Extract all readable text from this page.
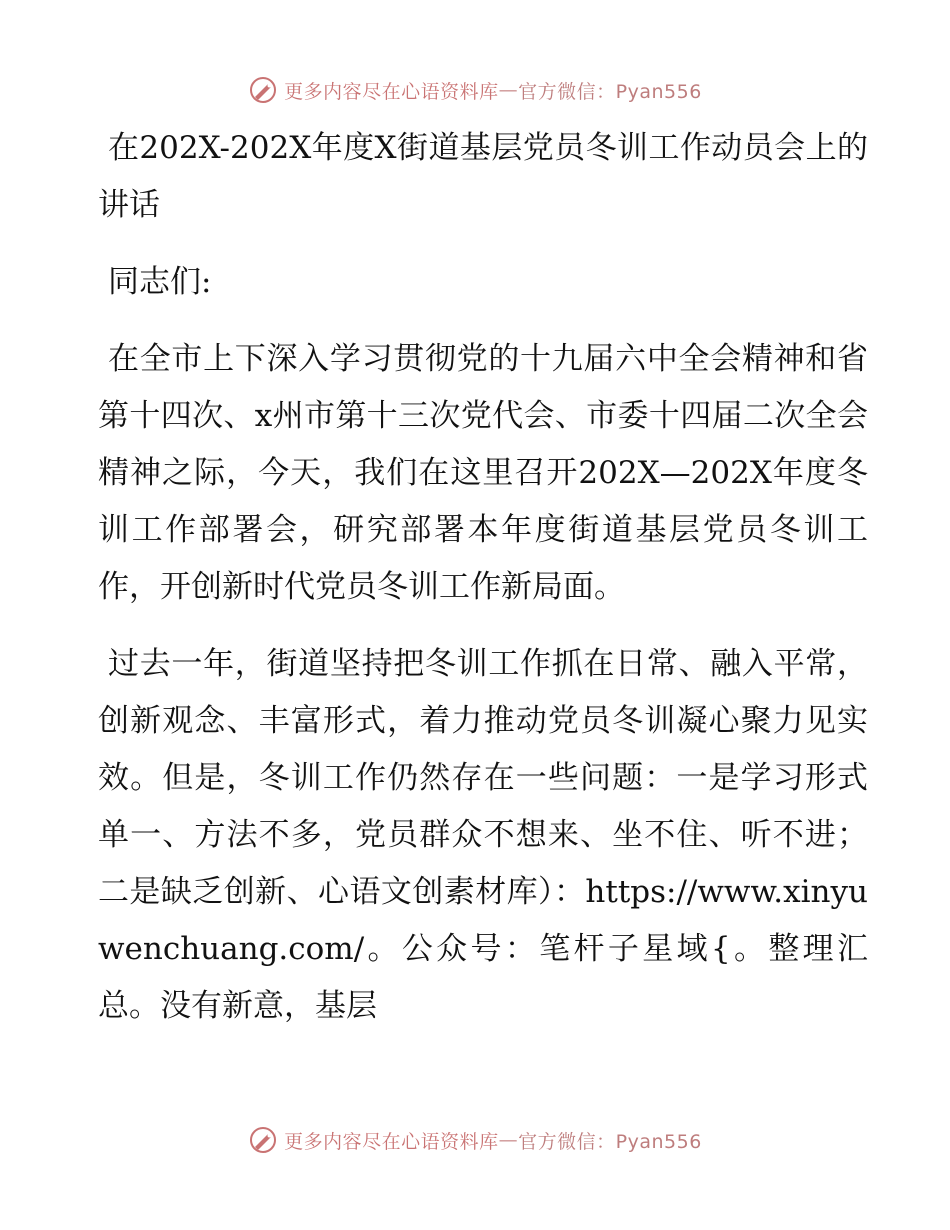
更多内容尽在心语资料库 — 官方微信：Pyan556

在202X-202X年度X街道基层党员冬训工作动员会上的讲话

同志们:

在全市上下深入学习贯彻党的十九届六中全会精神和省第十四次、x州市第十三次党代会、市委十四届二次全会精神之际，今天，我们在这里召开202X—202X年度冬训工作部署会，研究部署本年度街道基层党员冬训工作，开创新时代党员冬训工作新局面。

过去一年，街道坚持把冬训工作抓在日常、融入平常，创新观念、丰富形式，着力推动党员冬训凝心聚力见实效。但是，冬训工作仍然存在一些问题：一是学习形式单一、方法不多，党员群众不想来、坐不住、听不进；二是缺乏创新、心语文创素材库）：https://www.xinyuwenchuang.com/。公众号：笔杆子星域{。整理汇总。没有新意，基层

更多内容尽在心语资料库 — 官方微信：Pyan556
